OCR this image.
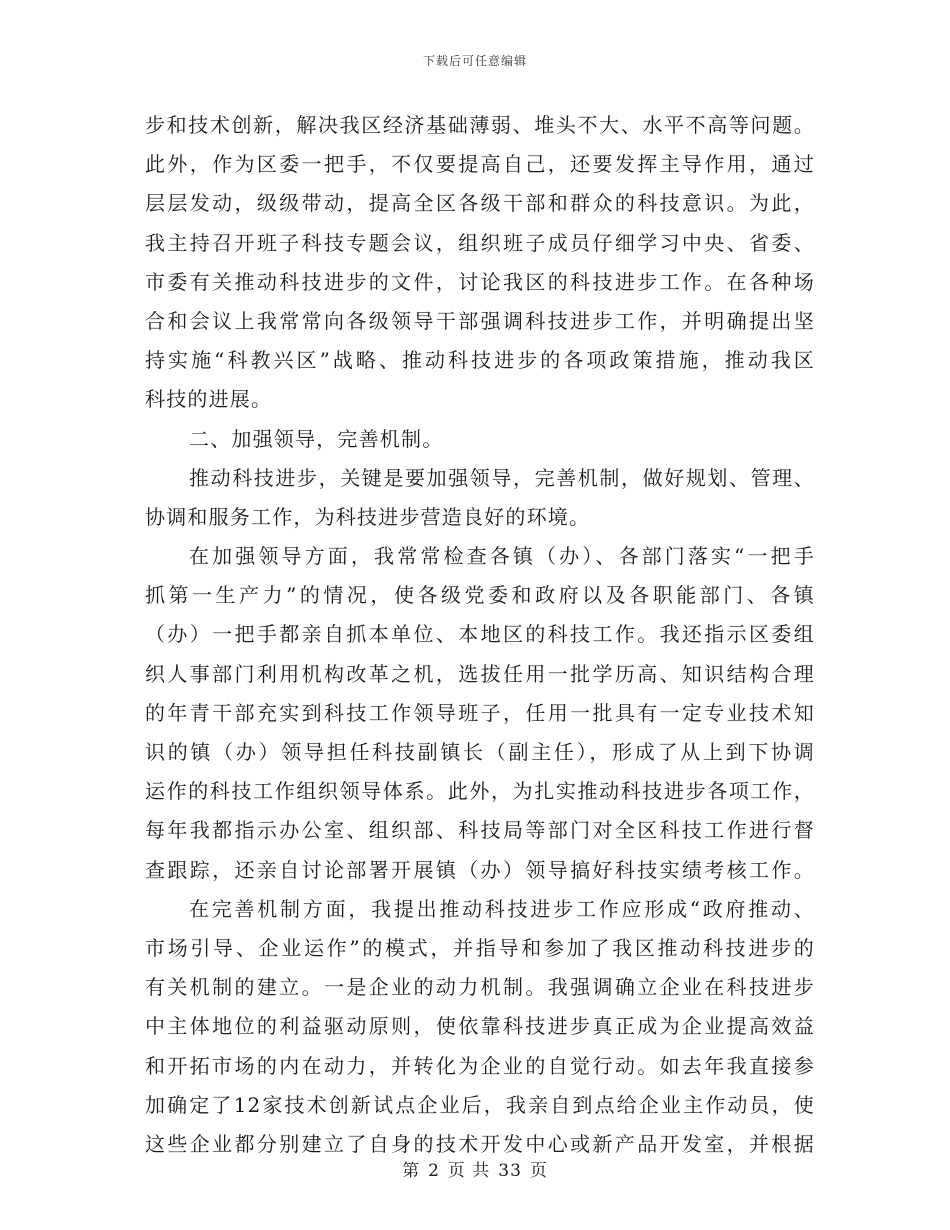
下载后可任意编辑
步和技术创新，解决我区经济基础薄弱、堆头不大、水平不高等问题。
此外，作为区委一把手，不仅要提高自己，还要发挥主导作用，通过
层层发动，级级带动，提高全区各级干部和群众的科技意识。为此，
我主持召开班子科技专题会议，组织班子成员仔细学习中央、省委、
市委有关推动科技进步的文件，讨论我区的科技进步工作。在各种场
合和会议上我常常向各级领导干部强调科技进步工作，并明确提出坚
持实施“科教兴区”战略、推动科技进步的各项政策措施，推动我区
科技的进展。
二、加强领导，完善机制。
推动科技进步，关键是要加强领导，完善机制，做好规划、管理、
协调和服务工作，为科技进步营造良好的环境。
在加强领导方面，我常常检查各镇（办）、各部门落实“一把手
抓第一生产力”的情况，使各级党委和政府以及各职能部门、各镇
（办）一把手都亲自抓本单位、本地区的科技工作。我还指示区委组
织人事部门利用机构改革之机，选拔任用一批学历高、知识结构合理
的年青干部充实到科技工作领导班子，任用一批具有一定专业技术知
识的镇（办）领导担任科技副镇长（副主任），形成了从上到下协调
运作的科技工作组织领导体系。此外，为扎实推动科技进步各项工作，
每年我都指示办公室、组织部、科技局等部门对全区科技工作进行督
查跟踪，还亲自讨论部署开展镇（办）领导搞好科技实绩考核工作。
在完善机制方面，我提出推动科技进步工作应形成“政府推动、
市场引导、企业运作”的模式，并指导和参加了我区推动科技进步的
有关机制的建立。一是企业的动力机制。我强调确立企业在科技进步
中主体地位的利益驱动原则，使依靠科技进步真正成为企业提高效益
和开拓市场的内在动力，并转化为企业的自觉行动。如去年我直接参
加确定了12家技术创新试点企业后，我亲自到点给企业主作动员，使
这些企业都分别建立了自身的技术开发中心或新产品开发室，并根据
第 2 页 共 33 页
